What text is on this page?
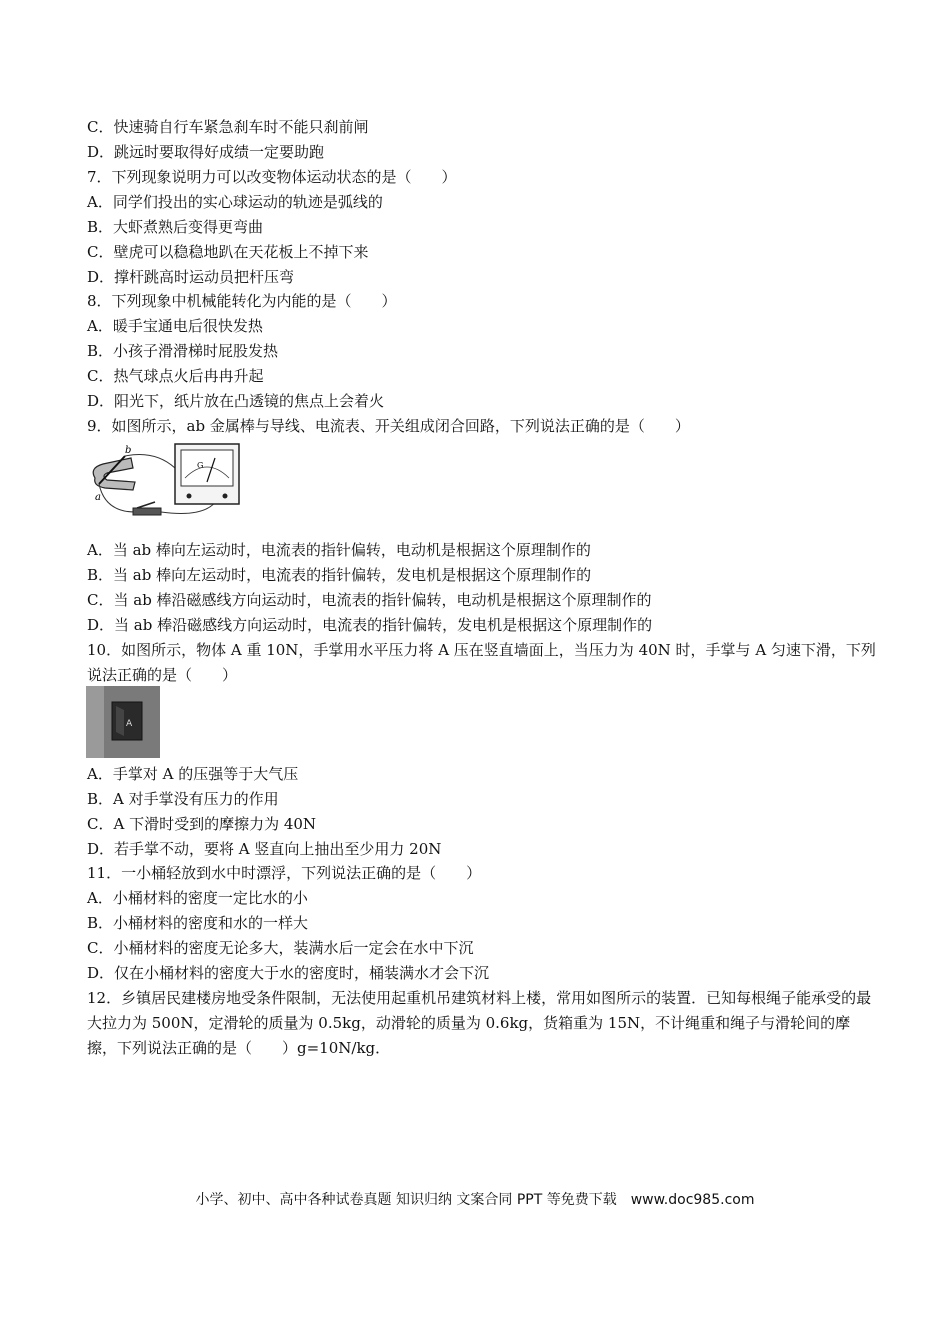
C．快速骑自行车紧急刹车时不能只刹前闸
D．跳远时要取得好成绩一定要助跑
7．下列现象说明力可以改变物体运动状态的是（　　）
A．同学们投出的实心球运动的轨迹是弧线的
B．大虾煮熟后变得更弯曲
C．壁虎可以稳稳地趴在天花板上不掉下来
D．撑杆跳高时运动员把杆压弯
8．下列现象中机械能转化为内能的是（　　）
A．暖手宝通电后很快发热
B．小孩子滑滑梯时屁股发热
C．热气球点火后冉冉升起
D．阳光下，纸片放在凸透镜的焦点上会着火
9．如图所示，ab 金属棒与导线、电流表、开关组成闭合回路，下列说法正确的是（　　）
a
b
G
A．当 ab 棒向左运动时，电流表的指针偏转，电动机是根据这个原理制作的
B．当 ab 棒向左运动时，电流表的指针偏转，发电机是根据这个原理制作的
C．当 ab 棒沿磁感线方向运动时，电流表的指针偏转，电动机是根据这个原理制作的
D．当 ab 棒沿磁感线方向运动时，电流表的指针偏转，发电机是根据这个原理制作的
10．如图所示，物体 A 重 10N，手掌用水平压力将 A 压在竖直墙面上，当压力为 40N 时，手掌与 A 匀速下滑，下列说法正确的是（　　）
A
A．手掌对 A 的压强等于大气压
B．A 对手掌没有压力的作用
C．A 下滑时受到的摩擦力为 40N
D．若手掌不动，要将 A 竖直向上抽出至少用力 20N
11．一小桶轻放到水中时漂浮，下列说法正确的是（　　）
A．小桶材料的密度一定比水的小
B．小桶材料的密度和水的一样大
C．小桶材料的密度无论多大，装满水后一定会在水中下沉
D．仅在小桶材料的密度大于水的密度时，桶装满水才会下沉
12．乡镇居民建楼房地受条件限制，无法使用起重机吊建筑材料上楼，常用如图所示的装置．已知每根绳子能承受的最大拉力为 500N，定滑轮的质量为 0.5kg，动滑轮的质量为 0.6kg，货箱重为 15N，不计绳重和绳子与滑轮间的摩擦，下列说法正确的是（　　）g=10N/kg．
小学、初中、高中各种试卷真题 知识归纳 文案合同 PPT 等免费下载　www.doc985.com
